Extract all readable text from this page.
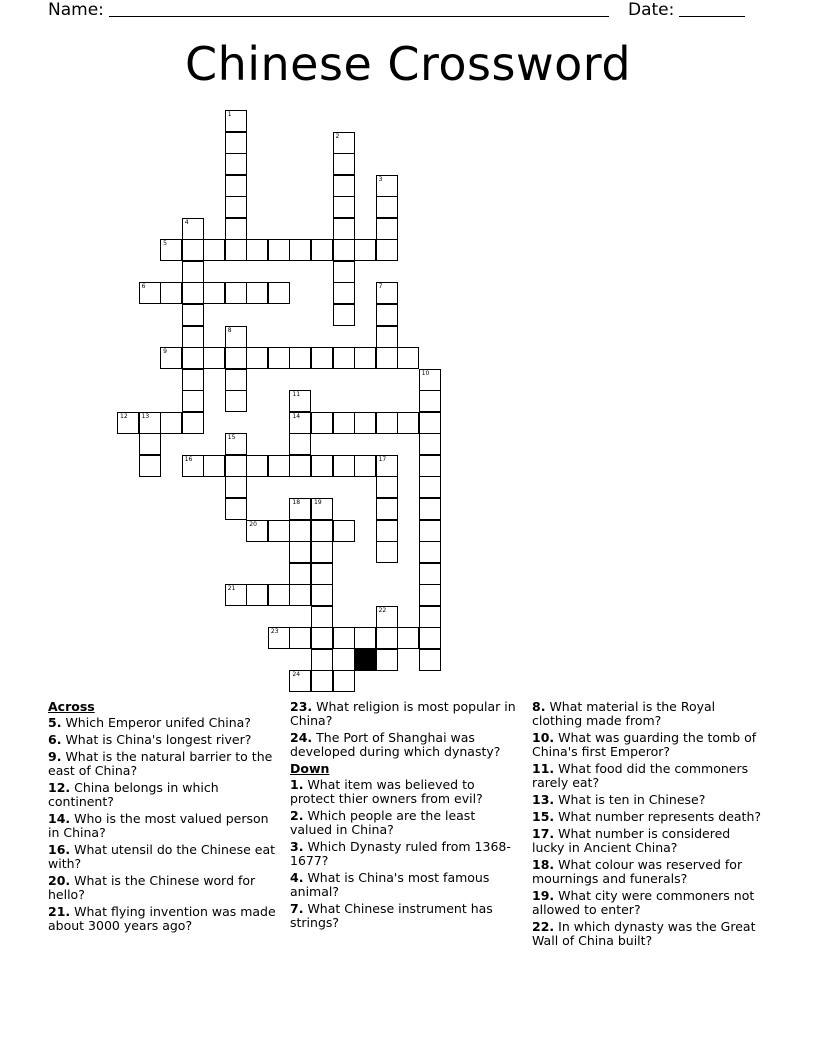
Name:	Date:
Chinese Crossword
1
2
3
4
5
6	7
8
9
10
11
14
12 13
15
16	17
18 19
20
21
22
23
24
Across
5. Which Emperor unifed China?
6. What is China's longest river?
9. What is the natural barrier to the east of China?
12. China belongs in which continent?
14. Who is the most valued person in China?
16. What utensil do the Chinese eat with?
20. What is the Chinese word for hello?
21. What flying invention was made about 3000 years ago?
23. What religion is most popular in China?
24. The Port of Shanghai was developed during which dynasty?
Down
1. What item was believed to protect thier owners from evil?
2. Which people are the least valued in China?
3. Which Dynasty ruled from 1368-1677?
4. What is China's most famous animal?
7. What Chinese instrument has strings?
8. What material is the Royal clothing made from?
10. What was guarding the tomb of China's first Emperor?
11. What food did the commoners rarely eat?
13. What is ten in Chinese?
15. What number represents death?
17. What number is considered lucky in Ancient China?
18. What colour was reserved for mournings and funerals?
19. What city were commoners not allowed to enter?
22. In which dynasty was the Great Wall of China built?
